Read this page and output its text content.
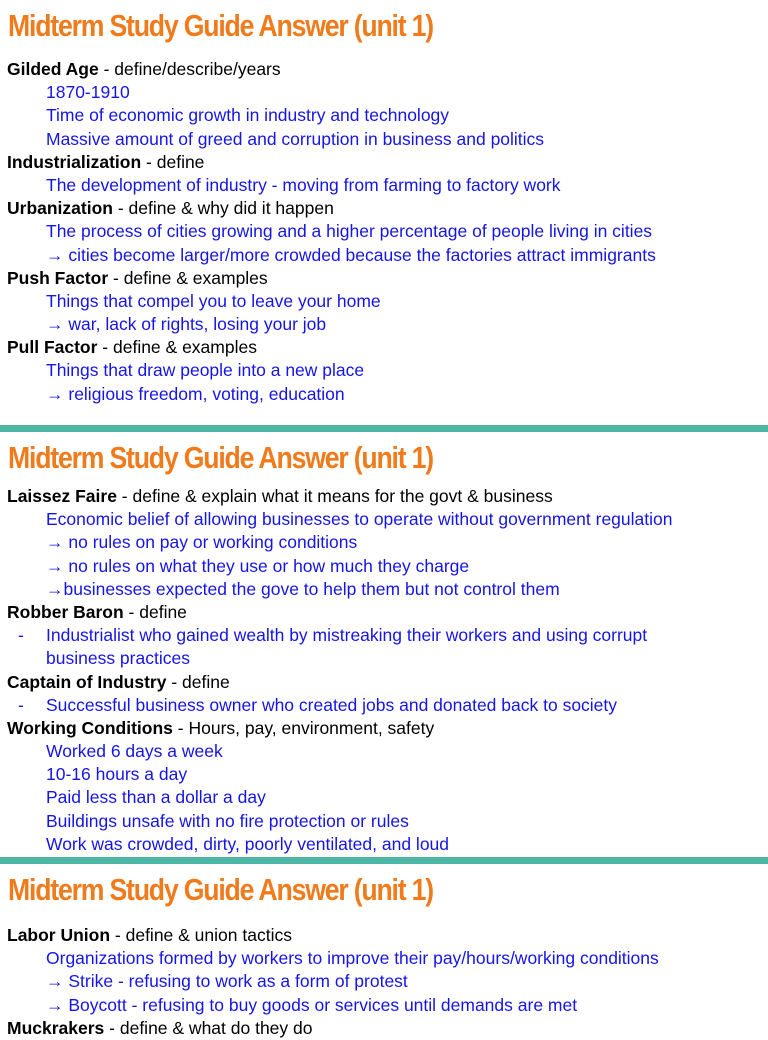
Midterm Study Guide Answer (unit 1)
Gilded Age - define/describe/years
1870-1910
Time of economic growth in industry and technology
Massive amount of greed and corruption in business and politics
Industrialization - define
The development of industry - moving from farming to factory work
Urbanization - define & why did it happen
The process of cities growing and a higher percentage of people living in cities
→ cities become larger/more crowded because the factories attract immigrants
Push Factor - define & examples
Things that compel you to leave your home
→ war, lack of rights, losing your job
Pull Factor - define & examples
Things that draw people into a new place
→ religious freedom, voting, education
Midterm Study Guide Answer (unit 1)
Laissez Faire - define & explain what it means for the govt & business
Economic belief of allowing businesses to operate without government regulation
→ no rules on pay or working conditions
→ no rules on what they use or how much they charge
→businesses expected the gove to help them but not control them
Robber Baron - define
- Industrialist who gained wealth by mistreaking their workers and using corrupt
business practices
Captain of Industry - define
- Successful business owner who created jobs and donated back to society
Working Conditions - Hours, pay, environment, safety
Worked 6 days a week
10-16 hours a day
Paid less than a dollar a day
Buildings unsafe with no fire protection or rules
Work was crowded, dirty, poorly ventilated, and loud
Midterm Study Guide Answer (unit 1)
Labor Union - define & union tactics
Organizations formed by workers to improve their pay/hours/working conditions
→ Strike - refusing to work as a form of protest
→ Boycott - refusing to buy goods or services until demands are met
Muckrakers - define & what do they do
